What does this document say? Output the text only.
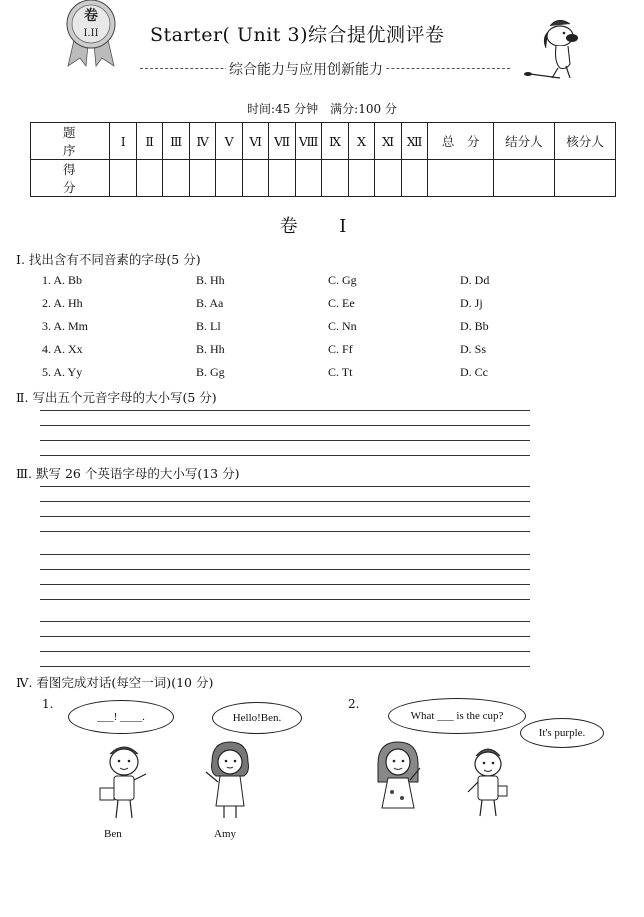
卷
I.II	Starter( Unit 3)综合提优测评卷
综合能力与应用创新能力
时间:45 分钟　满分:100 分
题　序	Ⅰ	Ⅱ	Ⅲ	Ⅳ	Ⅴ	Ⅵ	Ⅶ	Ⅷ	Ⅸ	Ⅹ	Ⅺ	Ⅻ	总　分	结分人	核分人
得　分															
卷 Ⅰ
Ⅰ. 找出含有不同音素的字母(5 分)
1. A. Bb	B. Hh	C. Gg	D. Dd
2. A. Hh	B. Aa	C. Ee	D. Jj
3. A. Mm	B. Ll	C. Nn	D. Bb
4. A. Xx	B. Hh	C. Ff	D. Ss
5. A. Yy	B. Gg	C. Tt	D. Cc
Ⅱ. 写出五个元音字母的大小写(5 分)
Ⅲ. 默写 26 个英语字母的大小写(13 分)
Ⅳ. 看图完成对话(每空一词)(10 分)
1.
___! ____.	Hello!Ben.
Ben	Amy
2.
What ___ is the cup?
It's purple.
